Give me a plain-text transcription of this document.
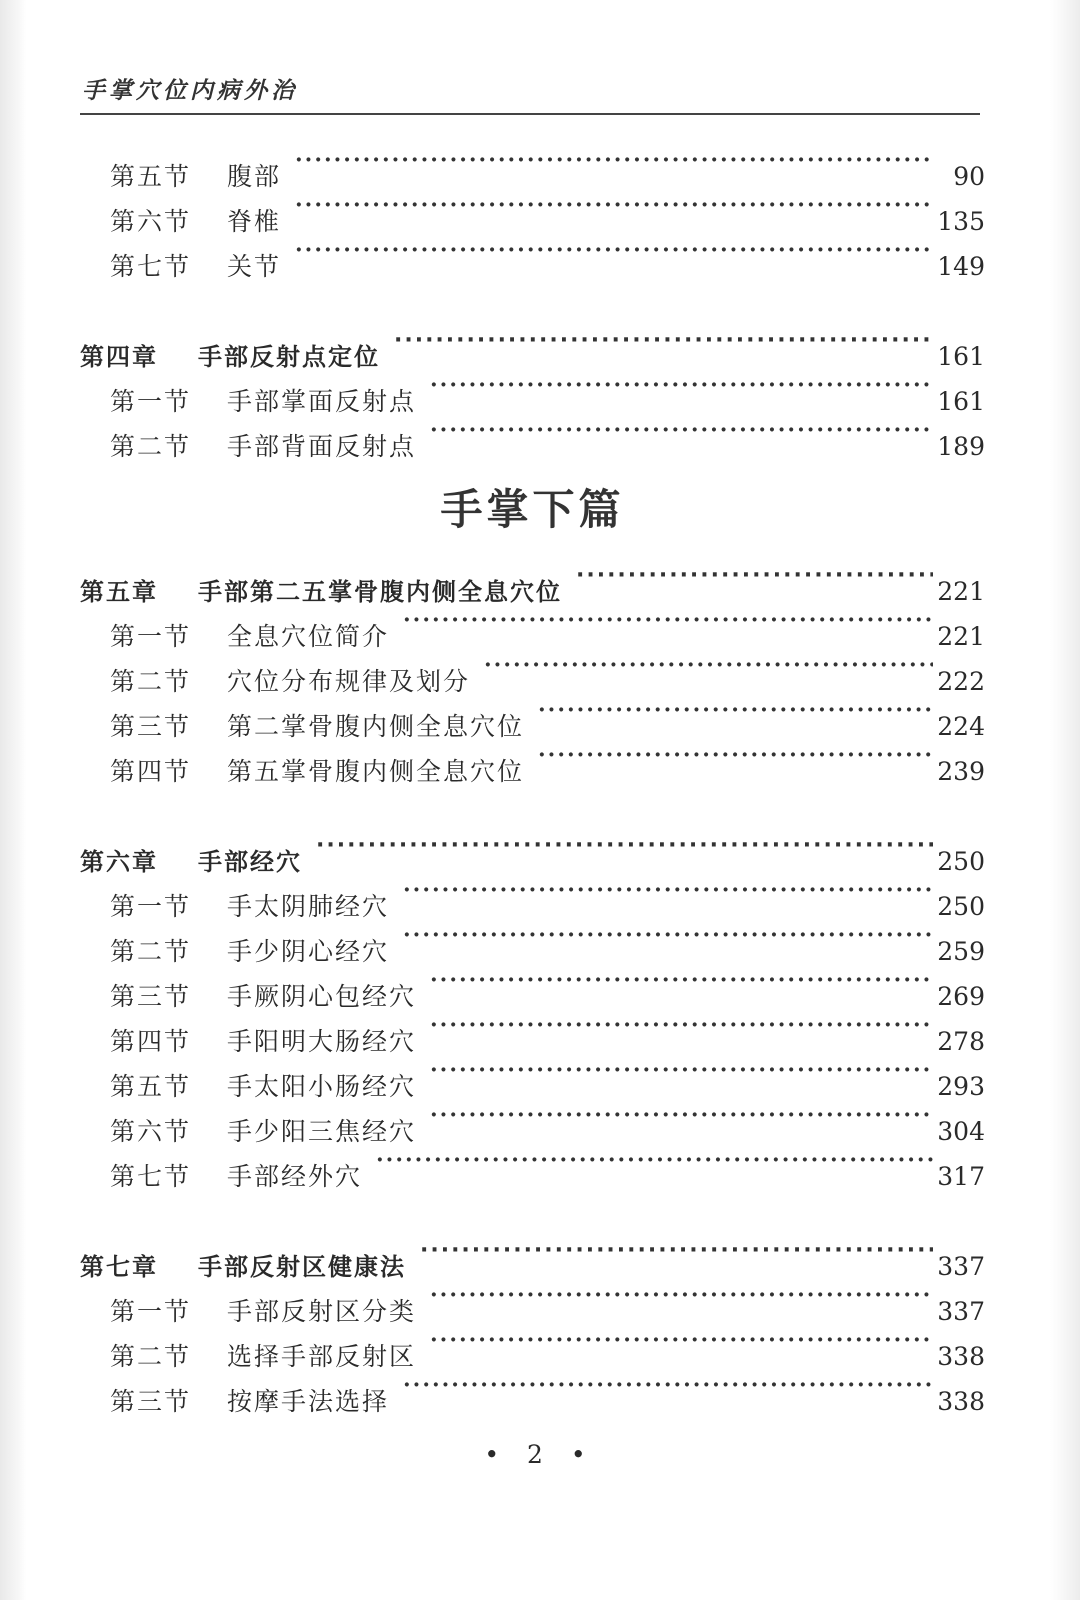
手掌穴位内病外治
第五节	腹部 ·····	90
第六节	脊椎 ·····	135
第七节	关节 ·····	149
第四章	手部反射点定位 ·····	161
第一节	手部掌面反射点 ·····	161
第二节	手部背面反射点 ·····	189
手掌下篇
第五章	手部第二五掌骨腹内侧全息穴位 ·····	221
第一节	全息穴位简介 ·····	221
第二节	穴位分布规律及划分 ·····	222
第三节	第二掌骨腹内侧全息穴位 ·····	224
第四节	第五掌骨腹内侧全息穴位 ·····	239
第六章	手部经穴 ·····	250
第一节	手太阴肺经穴 ·····	250
第二节	手少阴心经穴 ·····	259
第三节	手厥阴心包经穴 ·····	269
第四节	手阳明大肠经穴 ·····	278
第五节	手太阳小肠经穴 ·····	293
第六节	手少阳三焦经穴 ·····	304
第七节	手部经外穴 ·····	317
第七章	手部反射区健康法 ·····	337
第一节	手部反射区分类 ·····	337
第二节	选择手部反射区 ·····	338
第三节	按摩手法选择 ·····	338
• 2 •
